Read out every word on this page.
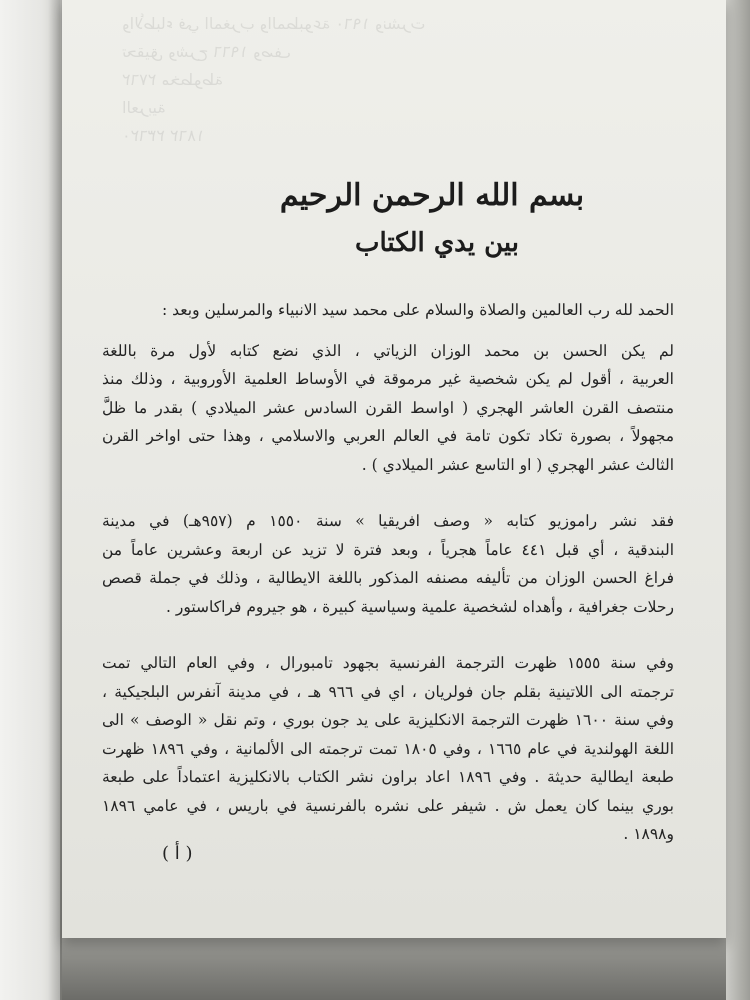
والأطباء في المغرب والمطبوعة ١٩٦٠ ونشرت
تحقيق وشرح ١٩٦٦ وصف
٢٧٦٢ مخطوطة
العربية
٢٣٦٢٠ ١٨٦٢
بسم الله الرحمن الرحيم
بين يدي الكتاب
الحمد لله رب العالمين والصلاة والسلام على محمد سيد الانبياء والمرسلين وبعد :
لم يكن الحسن بن محمد الوزان الزياتي ، الذي نضع كتابه لأول مرة باللغة
العربية ، أقول لم يكن شخصية غير مرموقة في الأوساط العلمية الأوروبية ، وذلك منذ
منتصف القرن العاشر الهجري ( اواسط القرن السادس عشر الميلادي ) بقدر ما ظلَّ
مجهولاً ، بصورة تكاد تكون تامة في العالم العربي والاسلامي ، وهذا حتى اواخر القرن
الثالث عشر الهجري ( او التاسع عشر الميلادي ) .
فقد نشر راموزيو كتابه « وصف افريقيا » سنة ١٥٥٠ م (٩٥٧هـ) في مدينة
البندقية ، أي قبل ٤٤١ عاماً هجرياً ، وبعد فترة لا تزيد عن اربعة وعشرين عاماً من
فراغ الحسن الوزان من تأليفه مصنفه المذكور باللغة الايطالية ، وذلك في جملة قصص
رحلات جغرافية ، وأهداه لشخصية علمية وسياسية كبيرة ، هو جيروم فراكاستور .
وفي سنة ١٥٥٥ ظهرت الترجمة الفرنسية بجهود تامبورال ، وفي العام التالي تمت
ترجمته الى اللاتينية بقلم جان فولريان ، اي في ٩٦٦ هـ ، في مدينة آنفرس البلجيكية ،
وفي سنة ١٦٠٠ ظهرت الترجمة الانكليزية على يد جون بوري ، وتم نقل « الوصف » الى
اللغة الهولندية في عام ١٦٦٥ ، وفي ١٨٠٥ تمت ترجمته الى الألمانية ، وفي ١٨٩٦ ظهرت
طبعة ايطالية حديثة . وفي ١٨٩٦ اعاد براون نشر الكتاب بالانكليزية اعتماداً على طبعة
بوري بينما كان يعمل ش . شيفر على نشره بالفرنسية في باريس ، في عامي ١٨٩٦
و١٨٩٨ .
( أ )
